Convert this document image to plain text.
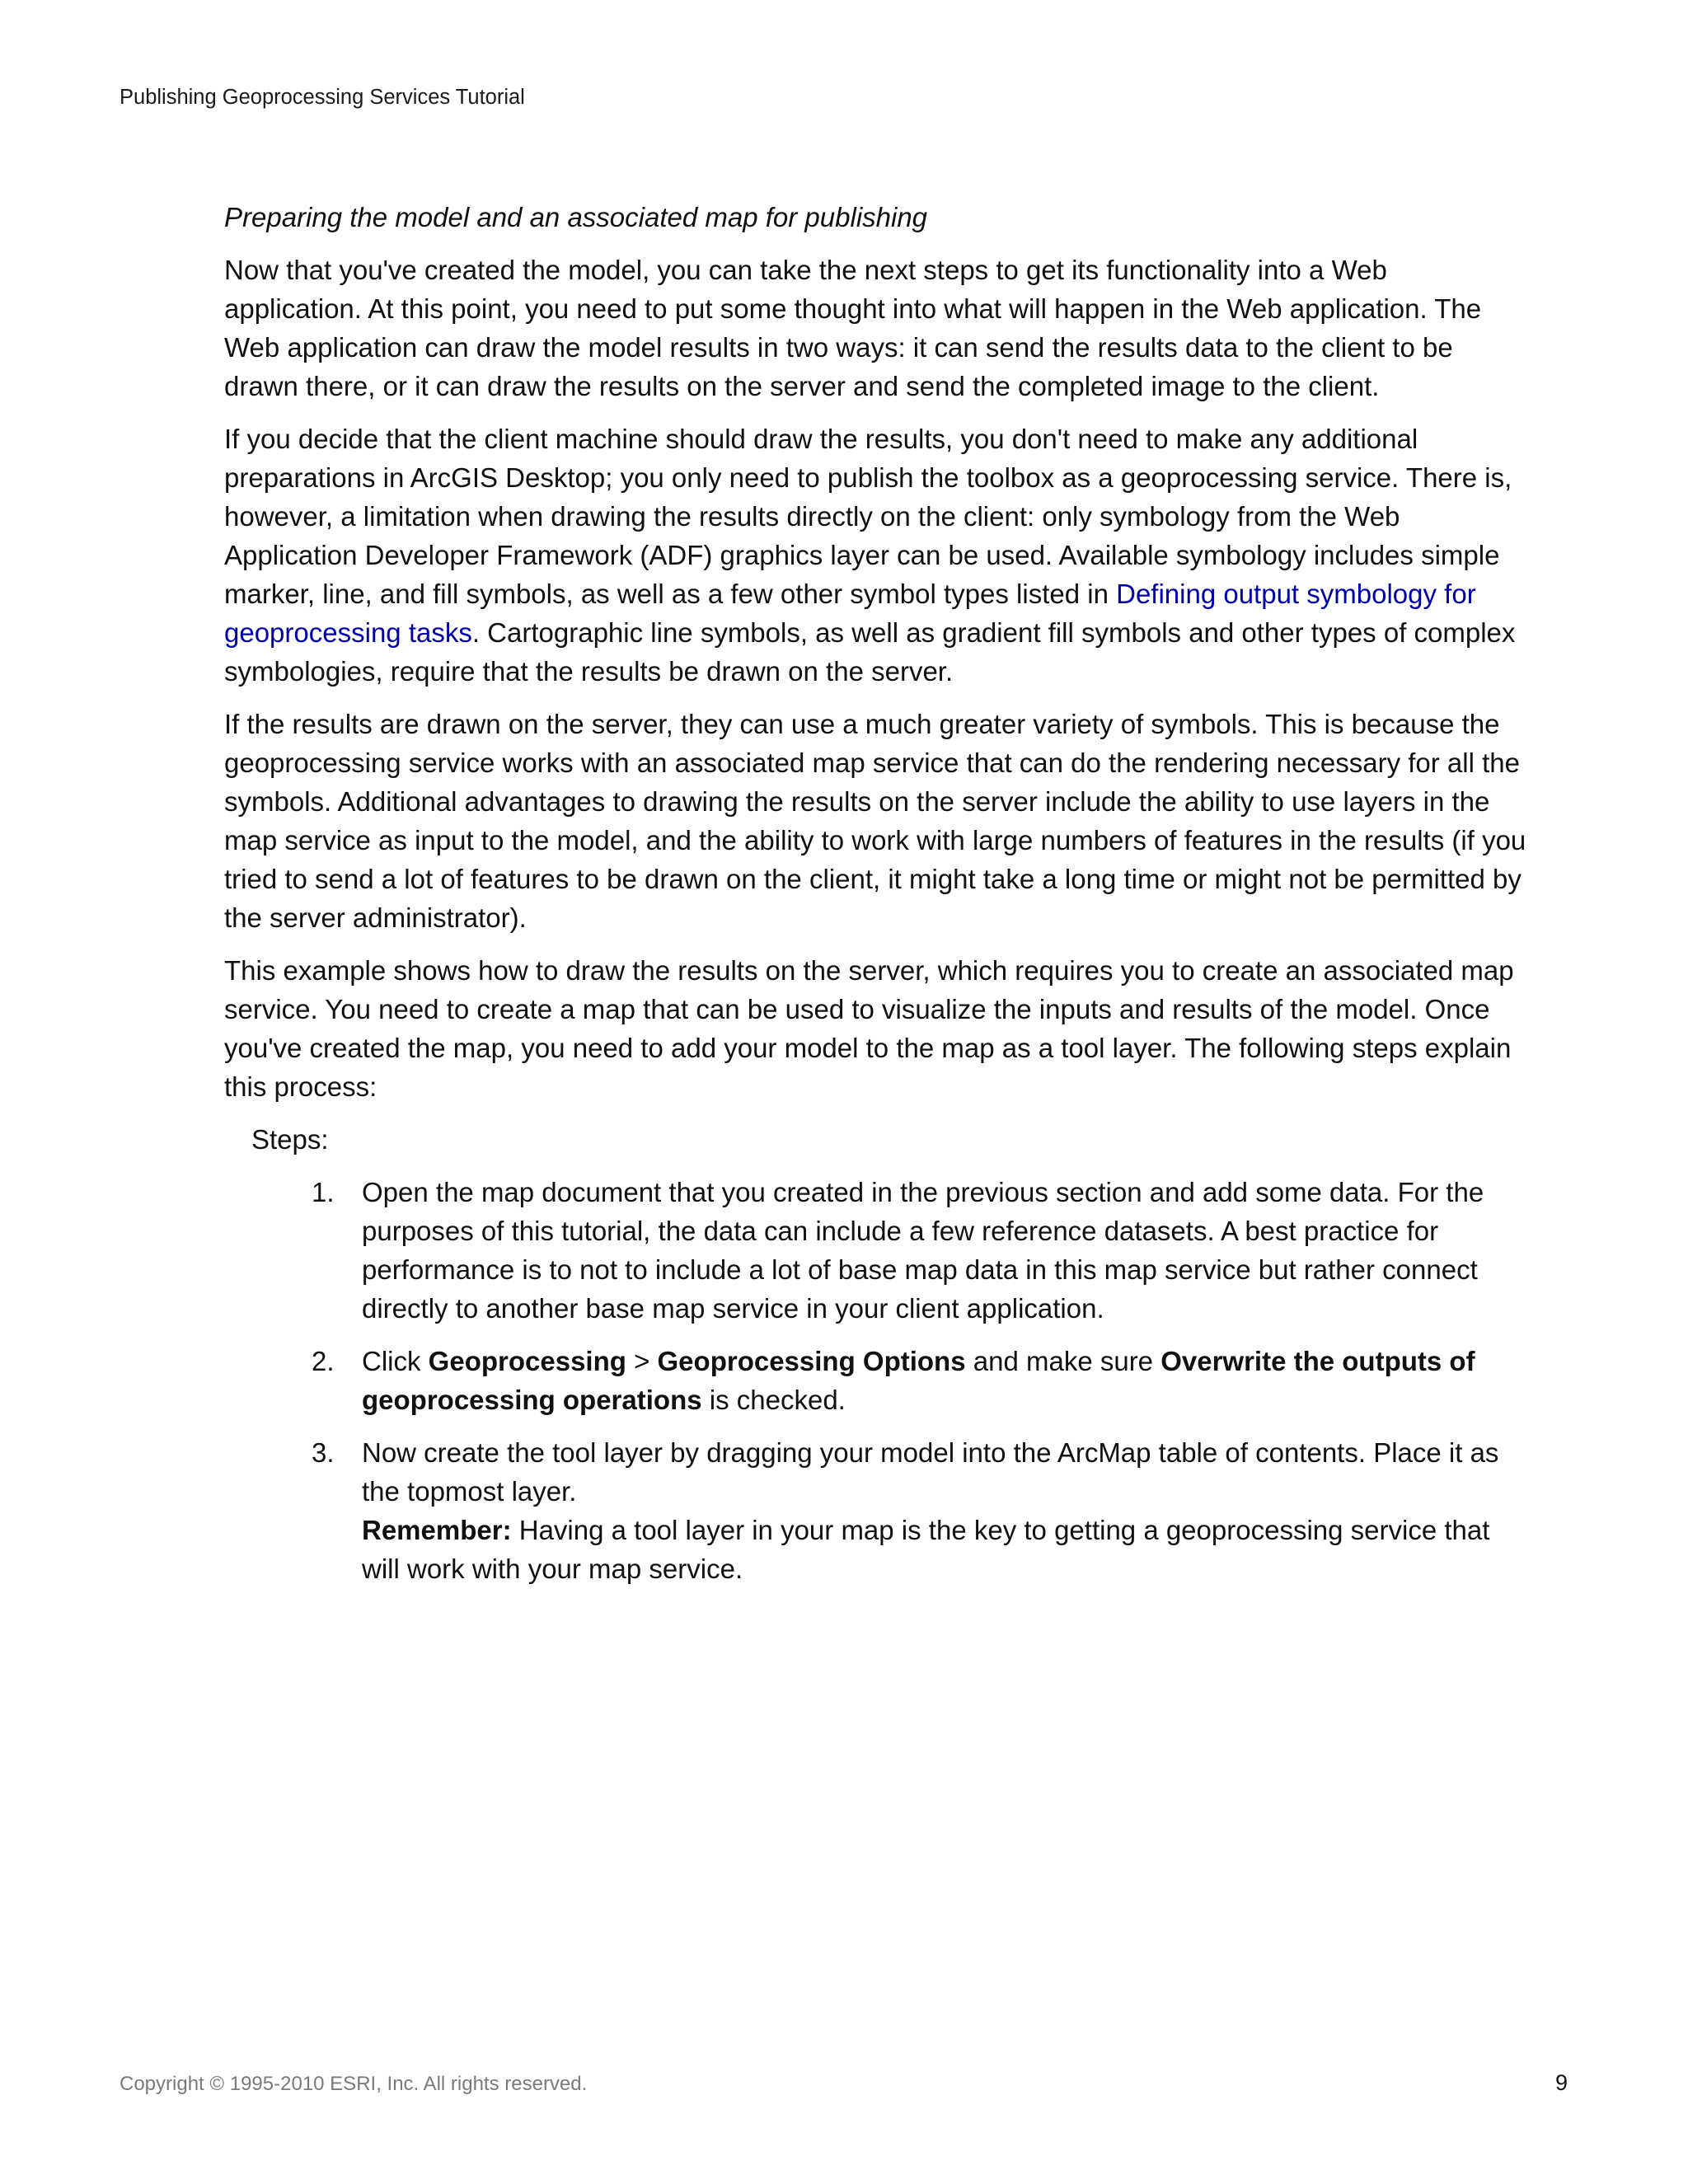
Publishing Geoprocessing Services Tutorial
Preparing the model and an associated map for publishing

Now that you've created the model, you can take the next steps to get its functionality into a Web application. At this point, you need to put some thought into what will happen in the Web application. The Web application can draw the model results in two ways: it can send the results data to the client to be drawn there, or it can draw the results on the server and send the completed image to the client.

If you decide that the client machine should draw the results, you don't need to make any additional preparations in ArcGIS Desktop; you only need to publish the toolbox as a geoprocessing service. There is, however, a limitation when drawing the results directly on the client: only symbology from the Web Application Developer Framework (ADF) graphics layer can be used. Available symbology includes simple marker, line, and fill symbols, as well as a few other symbol types listed in Defining output symbology for geoprocessing tasks. Cartographic line symbols, as well as gradient fill symbols and other types of complex symbologies, require that the results be drawn on the server.

If the results are drawn on the server, they can use a much greater variety of symbols. This is because the geoprocessing service works with an associated map service that can do the rendering necessary for all the symbols. Additional advantages to drawing the results on the server include the ability to use layers in the map service as input to the model, and the ability to work with large numbers of features in the results (if you tried to send a lot of features to be drawn on the client, it might take a long time or might not be permitted by the server administrator).

This example shows how to draw the results on the server, which requires you to create an associated map service. You need to create a map that can be used to visualize the inputs and results of the model. Once you've created the map, you need to add your model to the map as a tool layer. The following steps explain this process:

Steps:
1. Open the map document that you created in the previous section and add some data. For the purposes of this tutorial, the data can include a few reference datasets. A best practice for performance is to not to include a lot of base map data in this map service but rather connect directly to another base map service in your client application.
2. Click Geoprocessing > Geoprocessing Options and make sure Overwrite the outputs of geoprocessing operations is checked.
3. Now create the tool layer by dragging your model into the ArcMap table of contents. Place it as the topmost layer.
Remember: Having a tool layer in your map is the key to getting a geoprocessing service that will work with your map service.
Copyright © 1995-2010 ESRI, Inc. All rights reserved.	9
